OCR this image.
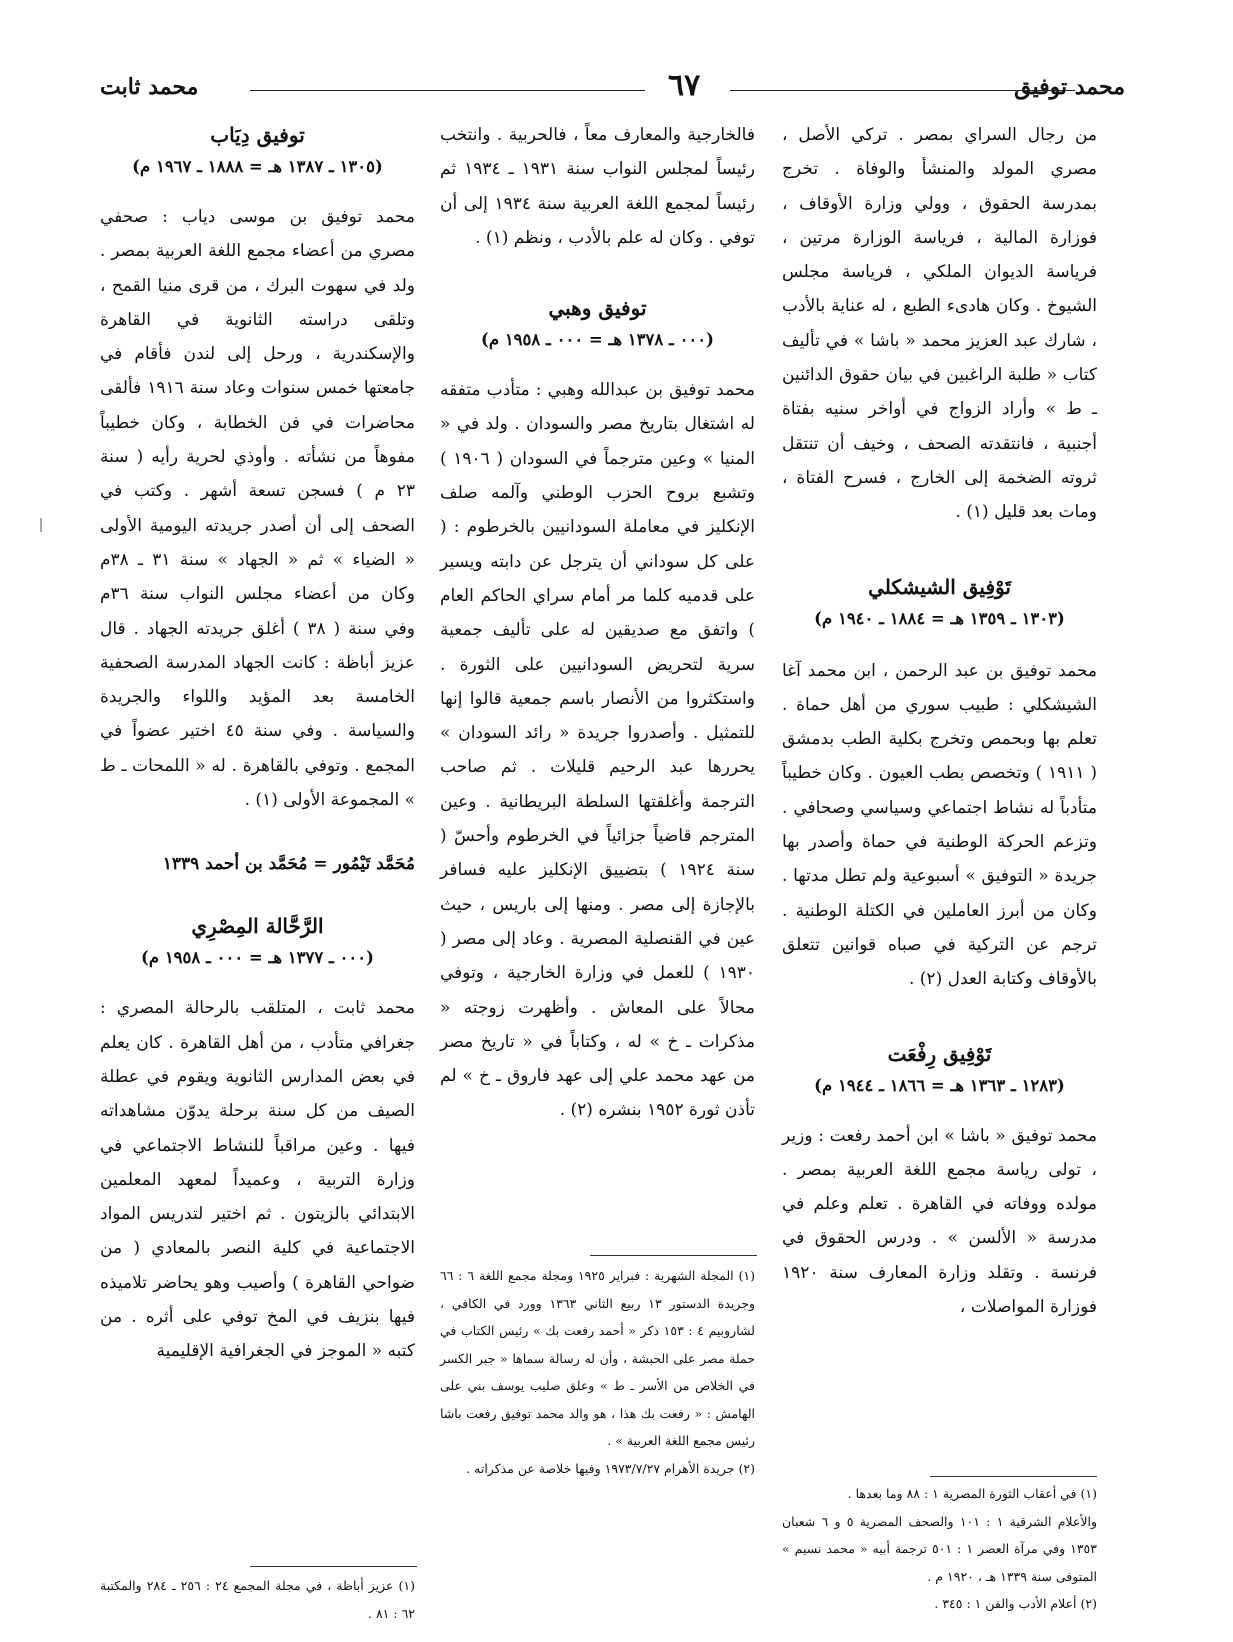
محمد توفيق
٦٧
محمد ثابت

من رجال السراي بمصر . تركي الأصل ، مصري المولد والمنشأ والوفاة . تخرج بمدرسة الحقوق ، وولي وزارة الأوقاف ، فوزارة المالية ، فرياسة الوزارة مرتين ، فرياسة الديوان الملكي ، فرياسة مجلس الشيوخ . وكان هادىء الطبع ، له عناية بالأدب ، شارك عبد العزيز محمد « باشا » في تأليف كتاب « طلبة الراغبين في بيان حقوق الدائنين ـ ط » وأراد الزواج في أواخر سنيه بفتاة أجنبية ، فانتقدته الصحف ، وخيف أن تنتقل ثروته الضخمة إلى الخارج ، فسرح الفتاة ، ومات بعد قليل (١) .

تَوْفِيق الشيشكلي

(١٣٠٣ ـ ١٣٥٩ هـ = ١٨٨٤ ـ ١٩٤٠ م)

محمد توفيق بن عبد الرحمن ، ابن محمد آغا الشيشكلي : طبيب سوري من أهل حماة . تعلم بها وبحمص وتخرج بكلية الطب بدمشق ( ١٩١١ ) وتخصص بطب العيون . وكان خطيباً متأدباً له نشاط اجتماعي وسياسي وصحافي . وتزعم الحركة الوطنية في حماة وأصدر بها جريدة « التوفيق » أسبوعية ولم تطل مدتها . وكان من أبرز العاملين في الكتلة الوطنية . ترجم عن التركية في صباه قوانين تتعلق بالأوقاف وكتابة العدل (٢) .

تَوْفِيق رِفْعَت

(١٢٨٣ ـ ١٣٦٣ هـ = ١٨٦٦ ـ ١٩٤٤ م)

محمد توفيق « باشا » ابن أحمد رفعت : وزير ، تولى رياسة مجمع اللغة العربية بمصر . مولده ووفاته في القاهرة . تعلم وعلم في مدرسة « الألسن » . ودرس الحقوق في فرنسة . وتقلد وزارة المعارف سنة ١٩٢٠ فوزارة المواصلات ،

(١) في أعقاب الثورة المصرية ١ : ٨٨ وما بعدها .

والأعلام الشرقية ١ : ١٠١ والصحف المصرية ٥ و ٦ شعبان ١٣٥٣ وفي مرآة العصر ١ : ٥٠١ ترجمة أبيه « محمد نسيم » المتوفى سنة ١٣٣٩ هـ ، ١٩٢٠ م .

(٢) أعلام الأدب والفن ١ : ٣٤٥ .

فالخارجية والمعارف معاً ، فالحربية . وانتخب رئيساً لمجلس النواب سنة ١٩٣١ ـ ١٩٣٤ ثم رئيساً لمجمع اللغة العربية سنة ١٩٣٤ إلى أن توفي . وكان له علم بالأدب ، ونظم (١) .

توفيق وهبي

(٠٠٠ ـ ١٣٧٨ هـ = ٠٠٠ ـ ١٩٥٨ م)

محمد توفيق بن عبدالله وهبي : متأدب متفقه له اشتغال بتاريخ مصر والسودان . ولد في « المنيا » وعين مترجماً في السودان ( ١٩٠٦ ) وتشبع بروح الحزب الوطني وآلمه صلف الإنكليز في معاملة السودانيين بالخرطوم : ( على كل سوداني أن يترجل عن دابته ويسير على قدميه كلما مر أمام سراي الحاكم العام ) واتفق مع صديقين له على تأليف جمعية سرية لتحريض السودانيين على الثورة . واستكثروا من الأنصار باسم جمعية قالوا إنها للتمثيل . وأصدروا جريدة « رائد السودان » يحررها عبد الرحيم قليلات . ثم صاحب الترجمة وأغلقتها السلطة البريطانية . وعين المترجم قاضياً جزائياً في الخرطوم وأحسّ ( سنة ١٩٢٤ ) بتضييق الإنكليز عليه فسافر بالإجازة إلى مصر . ومنها إلى باريس ، حيث عين في القنصلية المصرية . وعاد إلى مصر ( ١٩٣٠ ) للعمل في وزارة الخارجية ، وتوفي محالاً على المعاش . وأظهرت زوجته « مذكرات ـ خ » له ، وكتاباً في « تاريخ مصر من عهد محمد علي إلى عهد فاروق ـ خ » لم تأذن ثورة ١٩٥٢ بنشره (٢) .

(١) المجلة الشهرية : فبراير ١٩٢٥ ومجلة مجمع اللغة ٦ : ٦٦ وجريدة الدستور ١٣ ربيع الثاني ١٣٦٣ وورد في الكافي ، لشاروبيم ٤ : ١٥٣ ذكر « أحمد رفعت بك » رئيس الكتاب في حملة مصر على الحبشة ، وأن له رسالة سماها « جبر الكسر في الخلاص من الأسر ـ ط » وعلق صليب يوسف بني على الهامش : « رفعت بك هذا ، هو والد محمد توفيق رفعت باشا رئيس مجمع اللغة العربية » .

(٢) جريدة الأهرام ١٩٧٣/٧/٢٧ وفيها خلاصة عن مذكراته .

توفيق دِيَاب

(١٣٠٥ ـ ١٣٨٧ هـ = ١٨٨٨ ـ ١٩٦٧ م)

محمد توفيق بن موسى دياب : صحفي مصري من أعضاء مجمع اللغة العربية بمصر . ولد في سهوت البرك ، من قرى منيا القمح ، وتلقى دراسته الثانوية في القاهرة والإسكندرية ، ورحل إلى لندن فأقام في جامعتها خمس سنوات وعاد سنة ١٩١٦ فألقى محاضرات في فن الخطابة ، وكان خطيباً مفوهاً من نشأته . وأوذي لحرية رأيه ( سنة ٢٣ م ) فسجن تسعة أشهر . وكتب في الصحف إلى أن أصدر جريدته اليومية الأولى « الضياء » ثم « الجهاد » سنة ٣١ ـ ٣٨م وكان من أعضاء مجلس النواب سنة ٣٦م وفي سنة ( ٣٨ ) أغلق جريدته الجهاد . قال عزيز أباظة : كانت الجهاد المدرسة الصحفية الخامسة بعد المؤيد واللواء والجريدة والسياسة . وفي سنة ٤٥ اختير عضواً في المجمع . وتوفي بالقاهرة . له « اللمحات ـ ط » المجموعة الأولى (١) .

مُحَمَّد تَيْمُور = مُحَمَّد بن أحمد ١٣٣٩

الرَّحَّالة المِصْرِي

(٠٠٠ ـ ١٣٧٧ هـ = ٠٠٠ ـ ١٩٥٨ م)

محمد ثابت ، المتلقب بالرحالة المصري : جغرافي متأدب ، من أهل القاهرة . كان يعلم في بعض المدارس الثانوية ويقوم في عطلة الصيف من كل سنة برحلة يدوّن مشاهداته فيها . وعين مراقباً للنشاط الاجتماعي في وزارة التربية ، وعميداً لمعهد المعلمين الابتدائي بالزيتون . ثم اختير لتدريس المواد الاجتماعية في كلية النصر بالمعادي ( من ضواحي القاهرة ) وأصيب وهو يحاضر تلاميذه فيها بنزيف في المخ توفي على أثره . من كتبه « الموجز في الجغرافية الإقليمية

(١) عزيز أباظة ، في مجلة المجمع ٢٤ : ٢٥٦ ـ ٢٨٤ والمكتبة ٦٢ : ٨١ .
